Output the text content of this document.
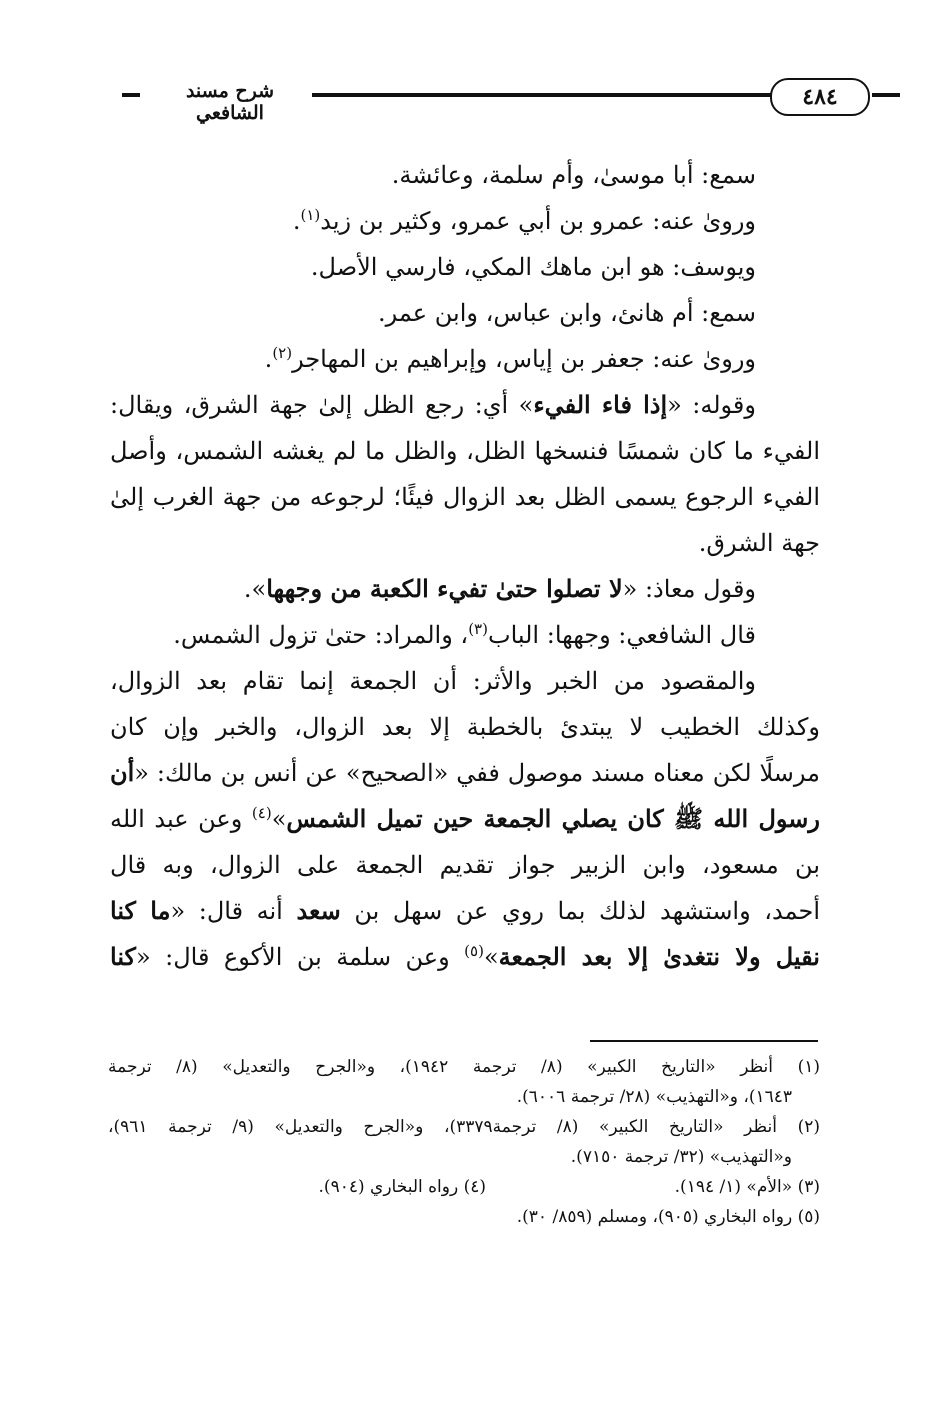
شرح مسند الشافعي
٤٨٤
سمع: أبا موسىٰ، وأم سلمة، وعائشة.
ورویٰ عنه: عمرو بن أبي عمرو، وكثير بن زيد$^{(١)}$.
ويوسف: هو ابن ماهك المكي، فارسي الأصل.
سمع: أم هانئ، وابن عباس، وابن عمر.
ورویٰ عنه: جعفر بن إياس، وإبراهيم بن المهاجر$^{(٢)}$.
وقوله: «إذا فاء الفيء» أي: رجع الظل إلىٰ جهة الشرق، ويقال:
الفيء ما كان شمسًا فنسخها الظل، والظل ما لم يغشه الشمس، وأصل
الفيء الرجوع يسمى الظل بعد الزوال فيئًا؛ لرجوعه من جهة الغرب إلىٰ
جهة الشرق.
وقول معاذ: «لا تصلوا حتىٰ تفيء الكعبة من وجهها».
قال الشافعي: وجهها: الباب$^{(٣)}$، والمراد: حتىٰ تزول الشمس.
والمقصود من الخبر والأثر: أن الجمعة إنما تقام بعد الزوال،
وكذلك الخطيب لا يبتدئ بالخطبة إلا بعد الزوال، والخبر وإن كان
مرسلًا لكن معناه مسند موصول ففي «الصحيح» عن أنس بن مالك: «أن
رسول الله ﷺ كان يصلي الجمعة حين تميل الشمس»$^{(٤)}$ وعن عبد الله
بن مسعود، وابن الزبير جواز تقديم الجمعة على الزوال، وبه قال
أحمد، واستشهد لذلك بما روي عن سهل بن سعد أنه قال: «ما كنا
نقيل ولا نتغدىٰ إلا بعد الجمعة»$^{(٥)}$ وعن سلمة بن الأكوع قال: «كنا
(١) أنظر «التاريخ الكبير» (٨/ ترجمة ١٩٤٢)، و«الجرح والتعديل» (٨/ ترجمة
١٦٤٣)، و«التهذيب» (٢٨/ ترجمة ٦٠٠٦).
(٢) أنظر «التاريخ الكبير» (٨/ ترجمة٣٣٧٩)، و«الجرح والتعديل» (٩/ ترجمة ٩٦١)،
و«التهذيب» (٣٢/ ترجمة ٧١٥٠).
(٣) «الأم» (١/ ١٩٤).
(٤) رواه البخاري (٩٠٤).
(٥) رواه البخاري (٩٠٥)، ومسلم (٨٥٩/ ٣٠).
